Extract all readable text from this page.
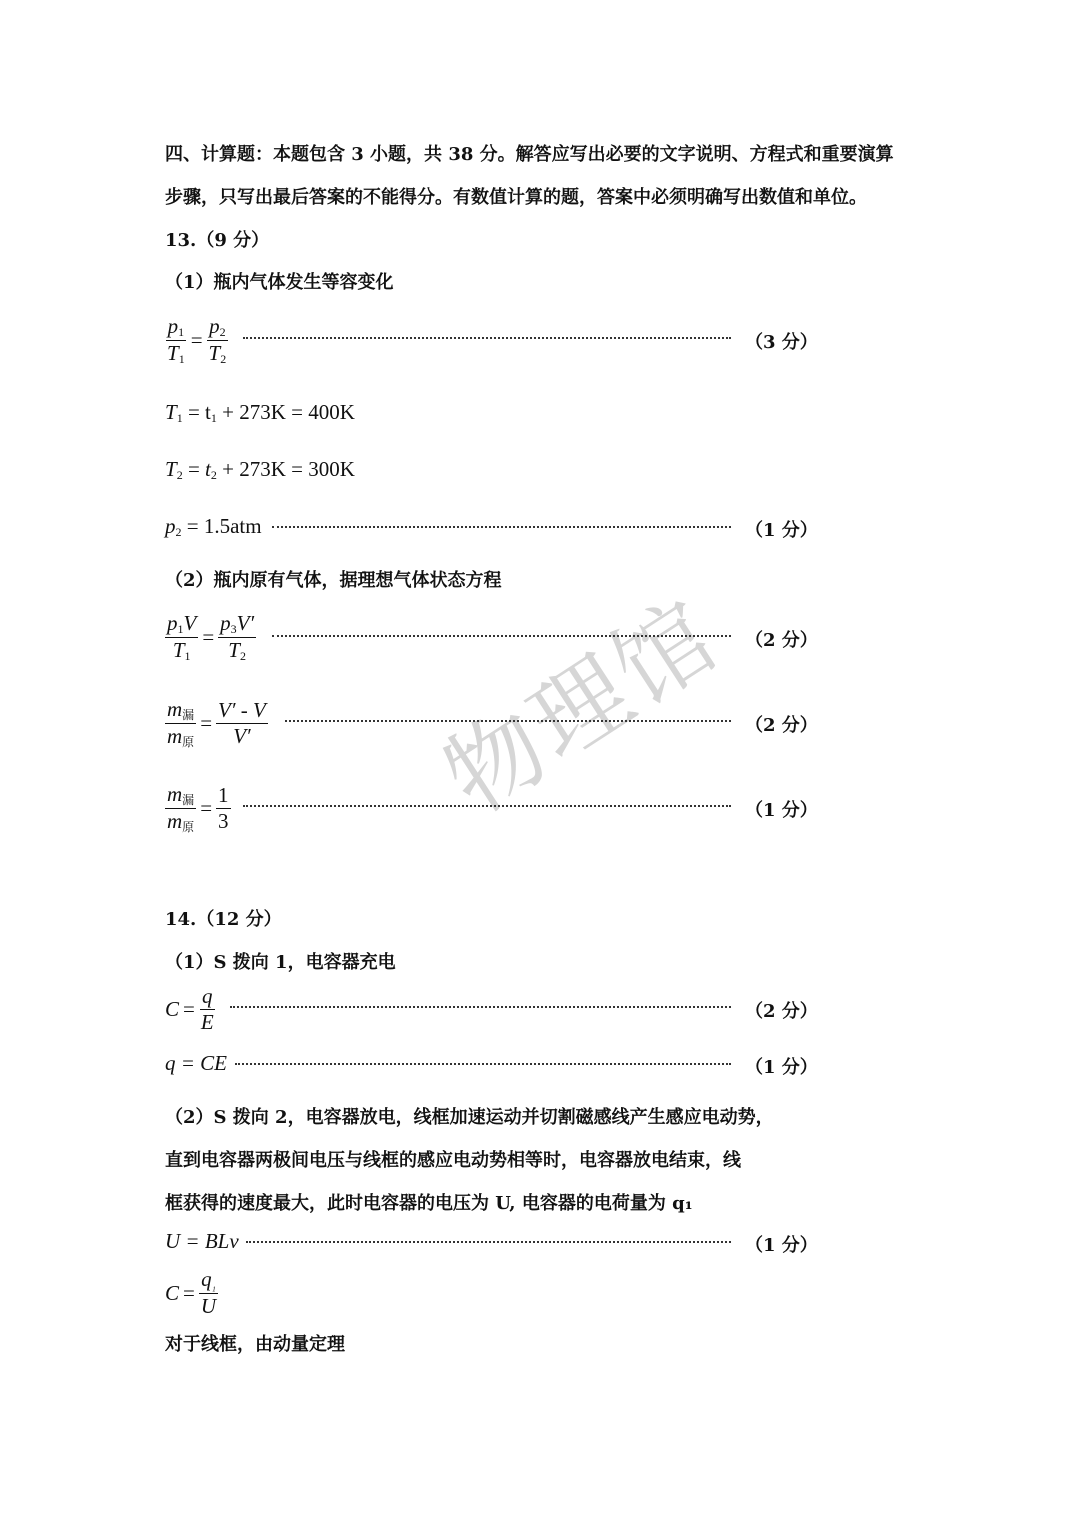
物理馆
四、计算题：本题包含 3 小题，共 38 分。解答应写出必要的文字说明、方程式和重要演算
步骤，只写出最后答案的不能得分。有数值计算的题，答案中必须明确写出数值和单位。
13.（9 分）
（1）瓶内气体发生等容变化
$\frac{p_1}{T_1} = \frac{p_2}{T_2}$	（3 分）
$T_1 = t_1 + 273K = 400K$
$T_2 = t_2 + 273K = 300K$
$p_2 = 1.5atm$	（1 分）
（2）瓶内原有气体，据理想气体状态方程
$\frac{p_1V}{T_1} = \frac{p_3V'}{T_2}$	（2 分）
$\frac{m_漏}{m_原} = \frac{V' - V}{V'}$	（2 分）
$\frac{m_漏}{m_原} = \frac{1}{3}$	（1 分）
14.（12 分）
（1）S 拨向 1，电容器充电
$C = \frac{q}{E}$	（2 分）
q = CE	（1 分）
（2）S 拨向 2，电容器放电，线框加速运动并切割磁感线产生感应电动势，
直到电容器两极间电压与线框的感应电动势相等时，电容器放电结束，线
框获得的速度最大，此时电容器的电压为 U, 电容器的电荷量为 q₁
U = BLv	（1 分）
$C = \frac{\text{q₁}}{U}$
对于线框，由动量定理
